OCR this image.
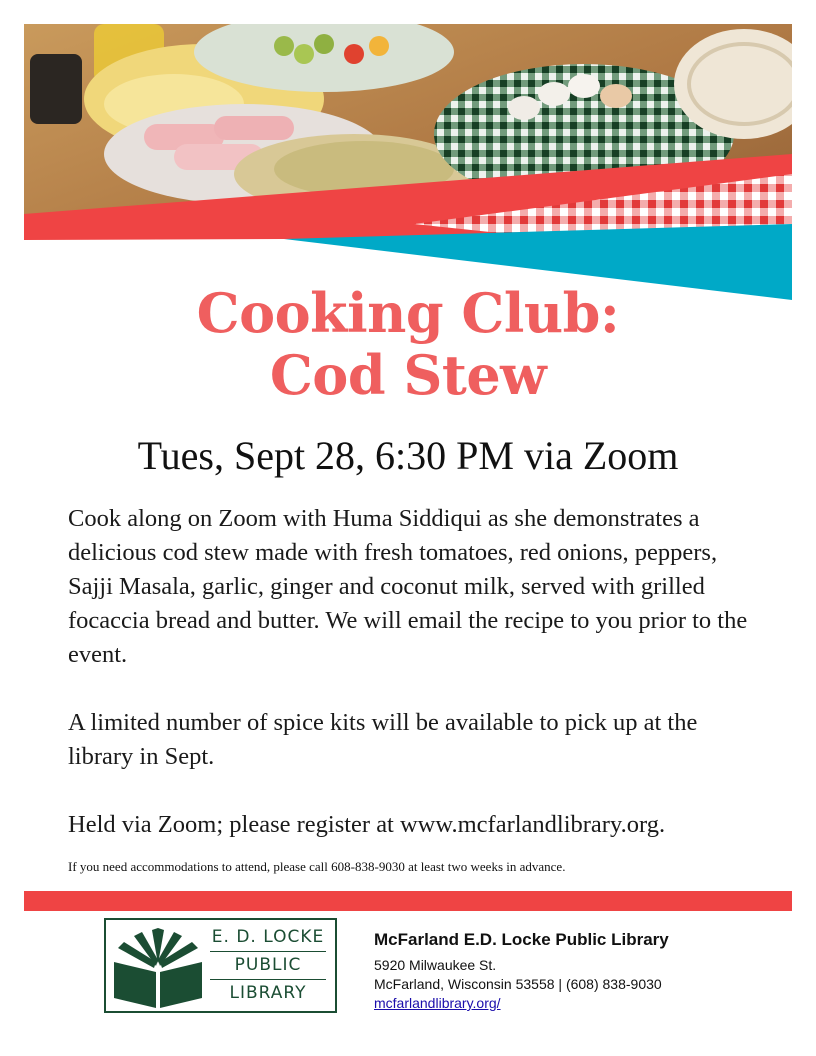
Cooking Club:
Cod Stew
Tues, Sept 28, 6:30 PM via Zoom

Cook along on Zoom with Huma Siddiqui as she demonstrates a delicious cod stew made with fresh tomatoes, red onions, peppers, Sajji Masala, garlic, ginger and coconut milk, served with grilled focaccia bread and butter. We will email the recipe to you prior to the event.

A limited number of spice kits will be available to pick up at the library in Sept.

Held via Zoom; please register at www.mcfarlandlibrary.org.

If you need accommodations to attend, please call 608-838-9030 at least two weeks in advance.
E. D. LOCKE
PUBLIC
LIBRARY
McFarland E.D. Locke Public Library
5920 Milwaukee St.
McFarland, Wisconsin 53558 | (608) 838-9030
mcfarlandlibrary.org/
